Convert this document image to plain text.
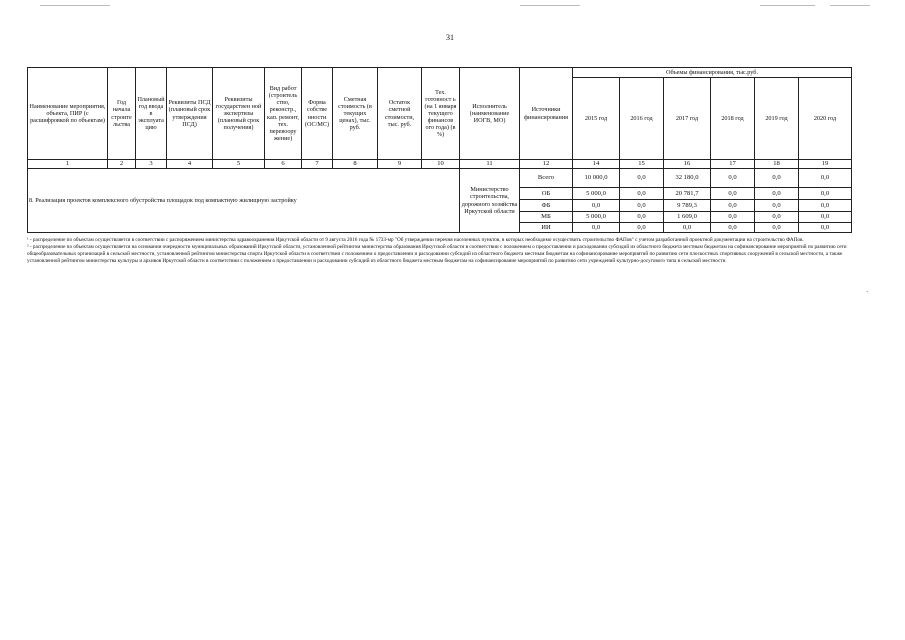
31
Наименование мероприятия, объекта, ПИР (с расшифровкой по объектам)	Год начала строите льства	Плановый год ввода в эксплуата цию	Реквизиты ПСД (плановый срок утверждения ПСД)	Реквизиты государствен ной экспертизы (плановый срок получения)	Вид работ (строитель ство, реконстр., кап. ремонт, тех. перевоору жение)	Форма собстве нности (ОС/МС)	Сметная стоимость (в текущих ценах), тыс. руб.	Остаток сметной стоимости, тыс. руб.	Тех. готовност ь (на 1 января текущего финансов ого года) (в %)	Исполнитель (наименование ИОГВ, МО)	Источники финансирования	Объемы финансирования, тыс.руб.					
												2015 год	2016 год	2017 год	2018 год	2019 год	2020 год
1	2	3	4	5	6	7	8	9	10	11	12	14	15	16	17	18	19
8. Реализация проектов комплексного обустройства площадок под компактную жилищную застройку										Министерство строительства, дорожного хозяйства Иркутской области	Всего	10 000,0	0,0	32 180,0	0,0	0,0	0,0
											ОБ	5 000,0	0,0	20 781,7	0,0	0,0	0,0
											ФБ	0,0	0,0	9 789,3	0,0	0,0	0,0
											МБ	5 000,0	0,0	1 609,0	0,0	0,0	0,0
											ИИ	0,0	0,0	0,0	0,0	0,0	0,0

¹ - распределение по объектам осуществляется в соответствии с распоряжением министерства здравоохранения Иркутской области от 9 августа 2016 года № 1733-мр "Об утверждении перечня населенных пунктов, в которых необходимо осуществить строительство ФАПов" с учетом разработанной проектной документации на строительство ФАПов.

² - распределение по объектам осуществляется на основании очередности муниципальных образований Иркутской области, установленной рейтингом министерства образования Иркутской области в соответствии с положением о предоставлении и расходовании субсидий из областного бюджета местным бюджетам на софинансирование мероприятий по развитию сети общеобразовательных организаций в сельской местности, установленной рейтингом министерства спорта Иркутской области в соответствии с положением о предоставлении и расходовании субсидий из областного бюджета местным бюджетам на софинансирование мероприятий по развитию сети плоскостных спортивных сооружений в сельской местности, а также установленной рейтингом министерства культуры и архивов Иркутской области в соответствии с положением о предоставлении и расходовании субсидий из областного бюджета местным бюджетам на софинансирование мероприятий по развитию сети учреждений культурно-досугового типа в сельской местности.

·
